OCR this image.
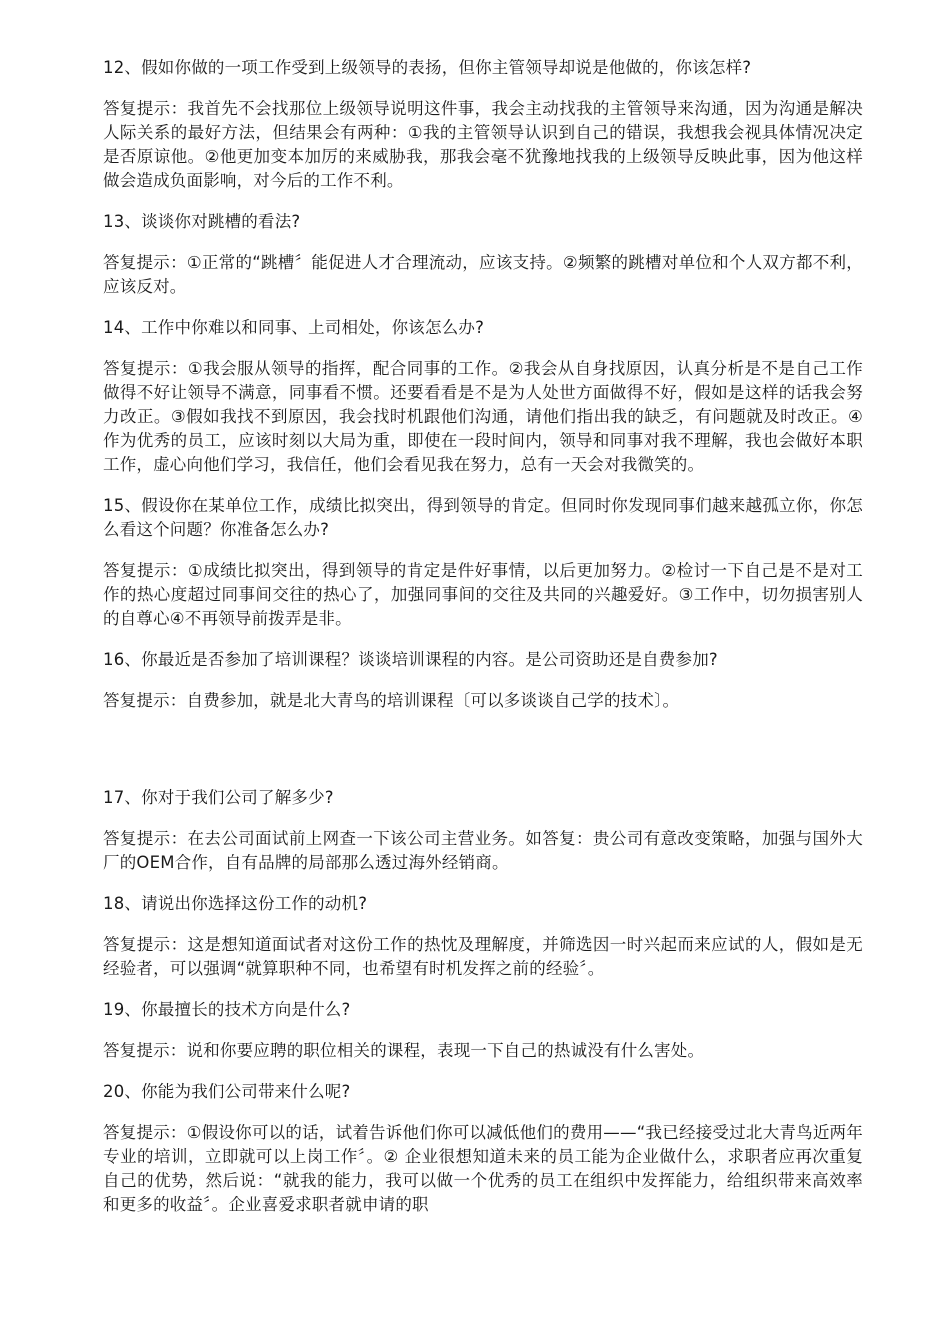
12、假如你做的一项工作受到上级领导的表扬，但你主管领导却说是他做的，你该怎样?

答复提示：我首先不会找那位上级领导说明这件事，我会主动找我的主管领导来沟通，因为沟通是解决人际关系的最好方法，但结果会有两种：①我的主管领导认识到自己的错误，我想我会视具体情况决定是否原谅他。②他更加变本加厉的来威胁我，那我会毫不犹豫地找我的上级领导反映此事，因为他这样做会造成负面影响，对今后的工作不利。

13、谈谈你对跳槽的看法?

答复提示：①正常的“跳槽〞能促进人才合理流动，应该支持。②频繁的跳槽对单位和个人双方都不利，应该反对。

14、工作中你难以和同事、上司相处，你该怎么办?

答复提示：①我会服从领导的指挥，配合同事的工作。②我会从自身找原因，认真分析是不是自己工作做得不好让领导不满意，同事看不惯。还要看看是不是为人处世方面做得不好，假如是这样的话我会努力改正。③假如我找不到原因，我会找时机跟他们沟通，请他们指出我的缺乏，有问题就及时改正。④作为优秀的员工，应该时刻以大局为重，即使在一段时间内，领导和同事对我不理解，我也会做好本职工作，虚心向他们学习，我信任，他们会看见我在努力，总有一天会对我微笑的。

15、假设你在某单位工作，成绩比拟突出，得到领导的肯定。但同时你发现同事们越来越孤立你，你怎么看这个问题？你准备怎么办?

答复提示：①成绩比拟突出，得到领导的肯定是件好事情，以后更加努力。②检讨一下自己是不是对工作的热心度超过同事间交往的热心了，加强同事间的交往及共同的兴趣爱好。③工作中，切勿损害别人的自尊心④不再领导前拨弄是非。

16、你最近是否参加了培训课程？谈谈培训课程的内容。是公司资助还是自费参加?

答复提示：自费参加，就是北大青鸟的培训课程〔可以多谈谈自己学的技术〕。

17、你对于我们公司了解多少?

答复提示：在去公司面试前上网查一下该公司主营业务。如答复：贵公司有意改变策略，加强与国外大厂的OEM合作，自有品牌的局部那么透过海外经销商。

18、请说出你选择这份工作的动机?

答复提示：这是想知道面试者对这份工作的热忱及理解度，并筛选因一时兴起而来应试的人，假如是无经验者，可以强调“就算职种不同，也希望有时机发挥之前的经验〞。

19、你最擅长的技术方向是什么?

答复提示：说和你要应聘的职位相关的课程，表现一下自己的热诚没有什么害处。

20、你能为我们公司带来什么呢?

答复提示：①假设你可以的话，试着告诉他们你可以减低他们的费用——“我已经接受过北大青鸟近两年专业的培训，立即就可以上岗工作〞。② 企业很想知道未来的员工能为企业做什么，求职者应再次重复自己的优势，然后说：“就我的能力，我可以做一个优秀的员工在组织中发挥能力，给组织带来高效率和更多的收益〞。企业喜爱求职者就申请的职
